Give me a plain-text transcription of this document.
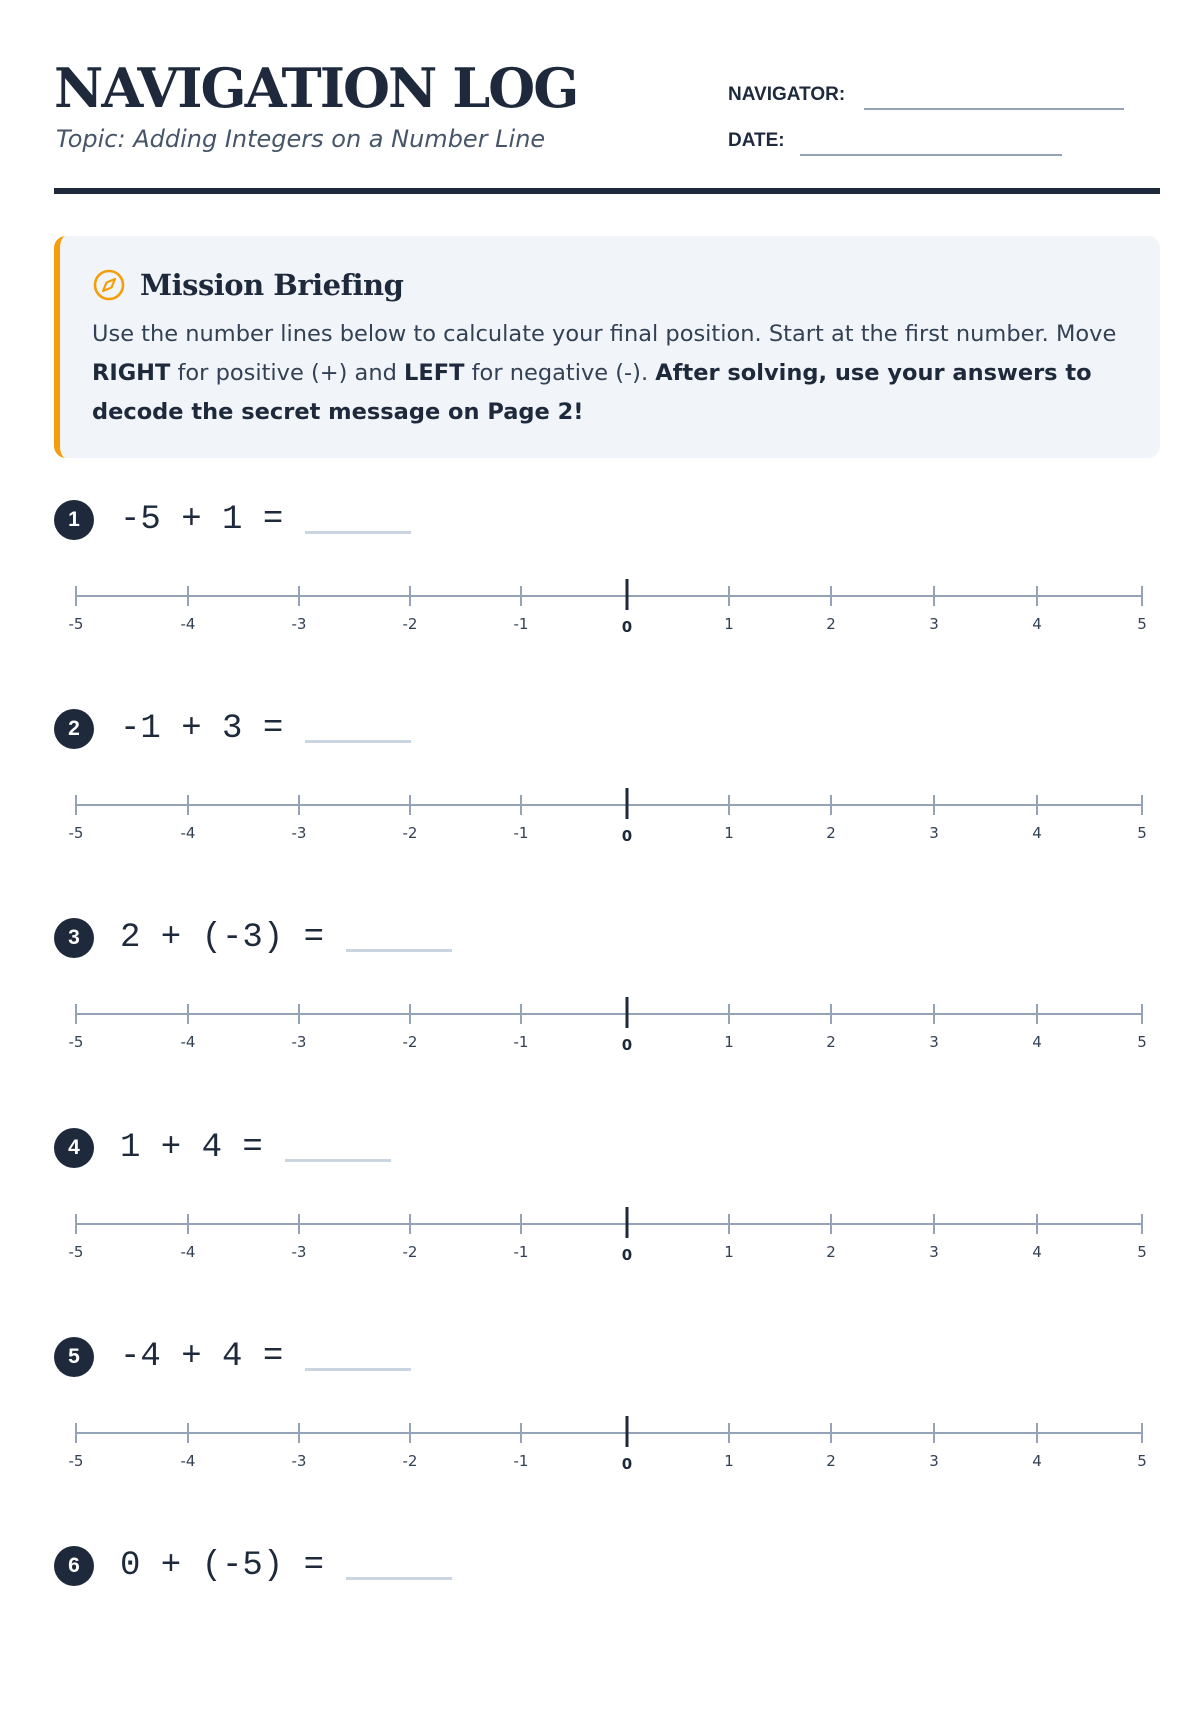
NAVIGATION LOG
Topic: Adding Integers on a Number Line
NAVIGATOR:
DATE:
Mission Briefing
Use the number lines below to calculate your final position. Start at the first number. Move RIGHT for positive (+) and LEFT for negative (-). After solving, use your answers to decode the secret message on Page 2!
1	-5 + 1 =
-5	-4	-3	-2	-1	0	1	2	3	4	5
2	-1 + 3 =
-5	-4	-3	-2	-1	0	1	2	3	4	5
3	2 + (-3) =
-5	-4	-3	-2	-1	0	1	2	3	4	5
4	1 + 4 =
-5	-4	-3	-2	-1	0	1	2	3	4	5
5	-4 + 4 =
-5	-4	-3	-2	-1	0	1	2	3	4	5
6	0 + (-5) =
